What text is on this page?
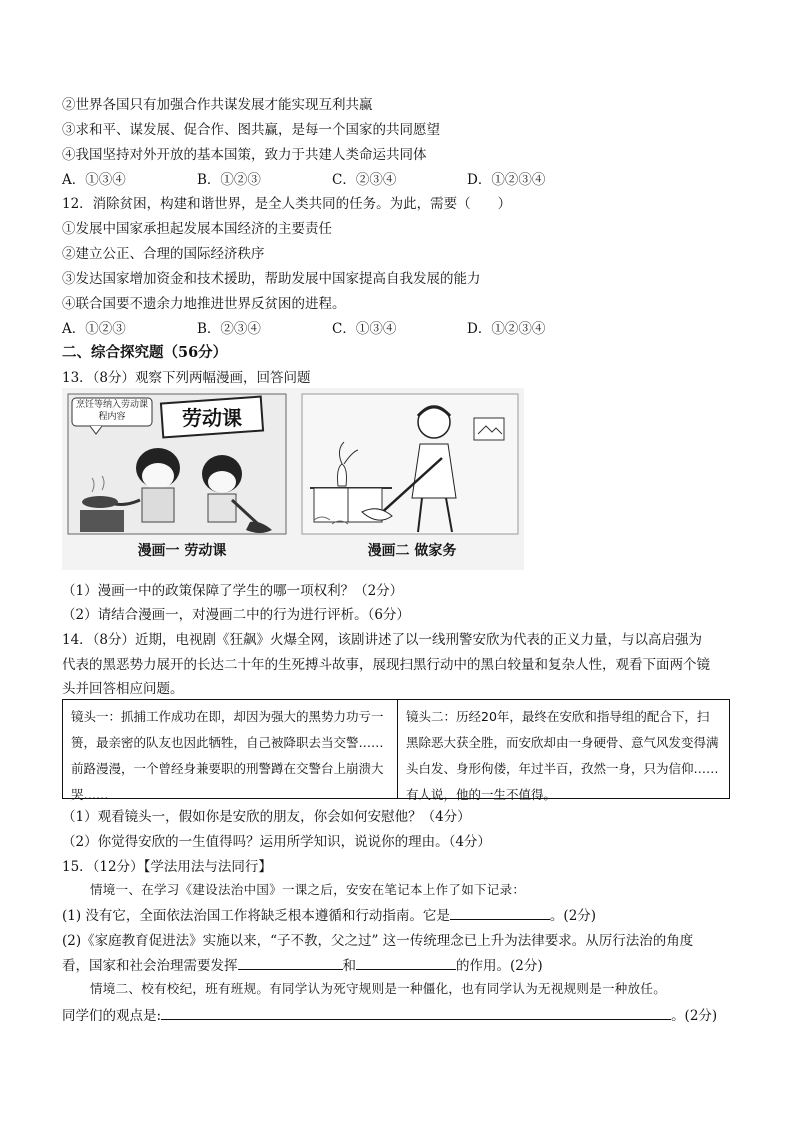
②世界各国只有加强合作共谋发展才能实现互利共赢
③求和平、谋发展、促合作、图共赢，是每一个国家的共同愿望
④我国坚持对外开放的基本国策，致力于共建人类命运共同体
A．①③④	B．①②③	C．②③④	D．①②③④
12．消除贫困，构建和谐世界，是全人类共同的任务。为此，需要（　　）
①发展中国家承担起发展本国经济的主要责任
②建立公正、合理的国际经济秩序
③发达国家增加资金和技术援助，帮助发展中国家提高自我发展的能力
④联合国要不遗余力地推进世界反贫困的进程。
A．①②③	B．②③④	C．①③④	D．①②③④
二、综合探究题（56分）
13．（8分）观察下列两幅漫画，回答问题
烹饪等纳入劳动课程内容	劳动课
漫画一 劳动课	漫画二 做家务
（1）漫画一中的政策保障了学生的哪一项权利？（2分）
（2）请结合漫画一，对漫画二中的行为进行评析。（6分）
14．（8分）近期，电视剧《狂飙》火爆全网，该剧讲述了以一线刑警安欣为代表的正义力量，与以高启强为
代表的黑恶势力展开的长达二十年的生死搏斗故事，展现扫黑行动中的黑白较量和复杂人性，观看下面两个镜
头并回答相应问题。
镜头一：抓捕工作成功在即，却因为强大的黑势力功亏一篑，最亲密的队友也因此牺牲，自己被降职去当交警……前路漫漫，一个曾经身兼要职的刑警蹲在交警台上崩溃大哭……
镜头二：历经20年，最终在安欣和指导组的配合下，扫黑除恶大获全胜，而安欣却由一身硬骨、意气风发变得满头白发、身形佝偻，年过半百，孜然一身，只为信仰……有人说，他的一生不值得。
（1）观看镜头一，假如你是安欣的朋友，你会如何安慰他？（4分）
（2）你觉得安欣的一生值得吗？运用所学知识，说说你的理由。（4分）
15．（12分）【学法用法与法同行】
情境一、在学习《建设法治中国》一课之后，安安在笔记本上作了如下记录：
(1) 没有它，全面依法治国工作将缺乏根本遵循和行动指南。它是	。(2分)
(2)《家庭教育促进法》实施以来，“子不教，父之过” 这一传统理念已上升为法律要求。从厉行法治的角度
看，国家和社会治理需要发挥	和	的作用。(2分)
情境二、校有校纪，班有班规。有同学认为死守规则是一种僵化，也有同学认为无视规则是一种放任。
同学们的观点是:	。(2分)
